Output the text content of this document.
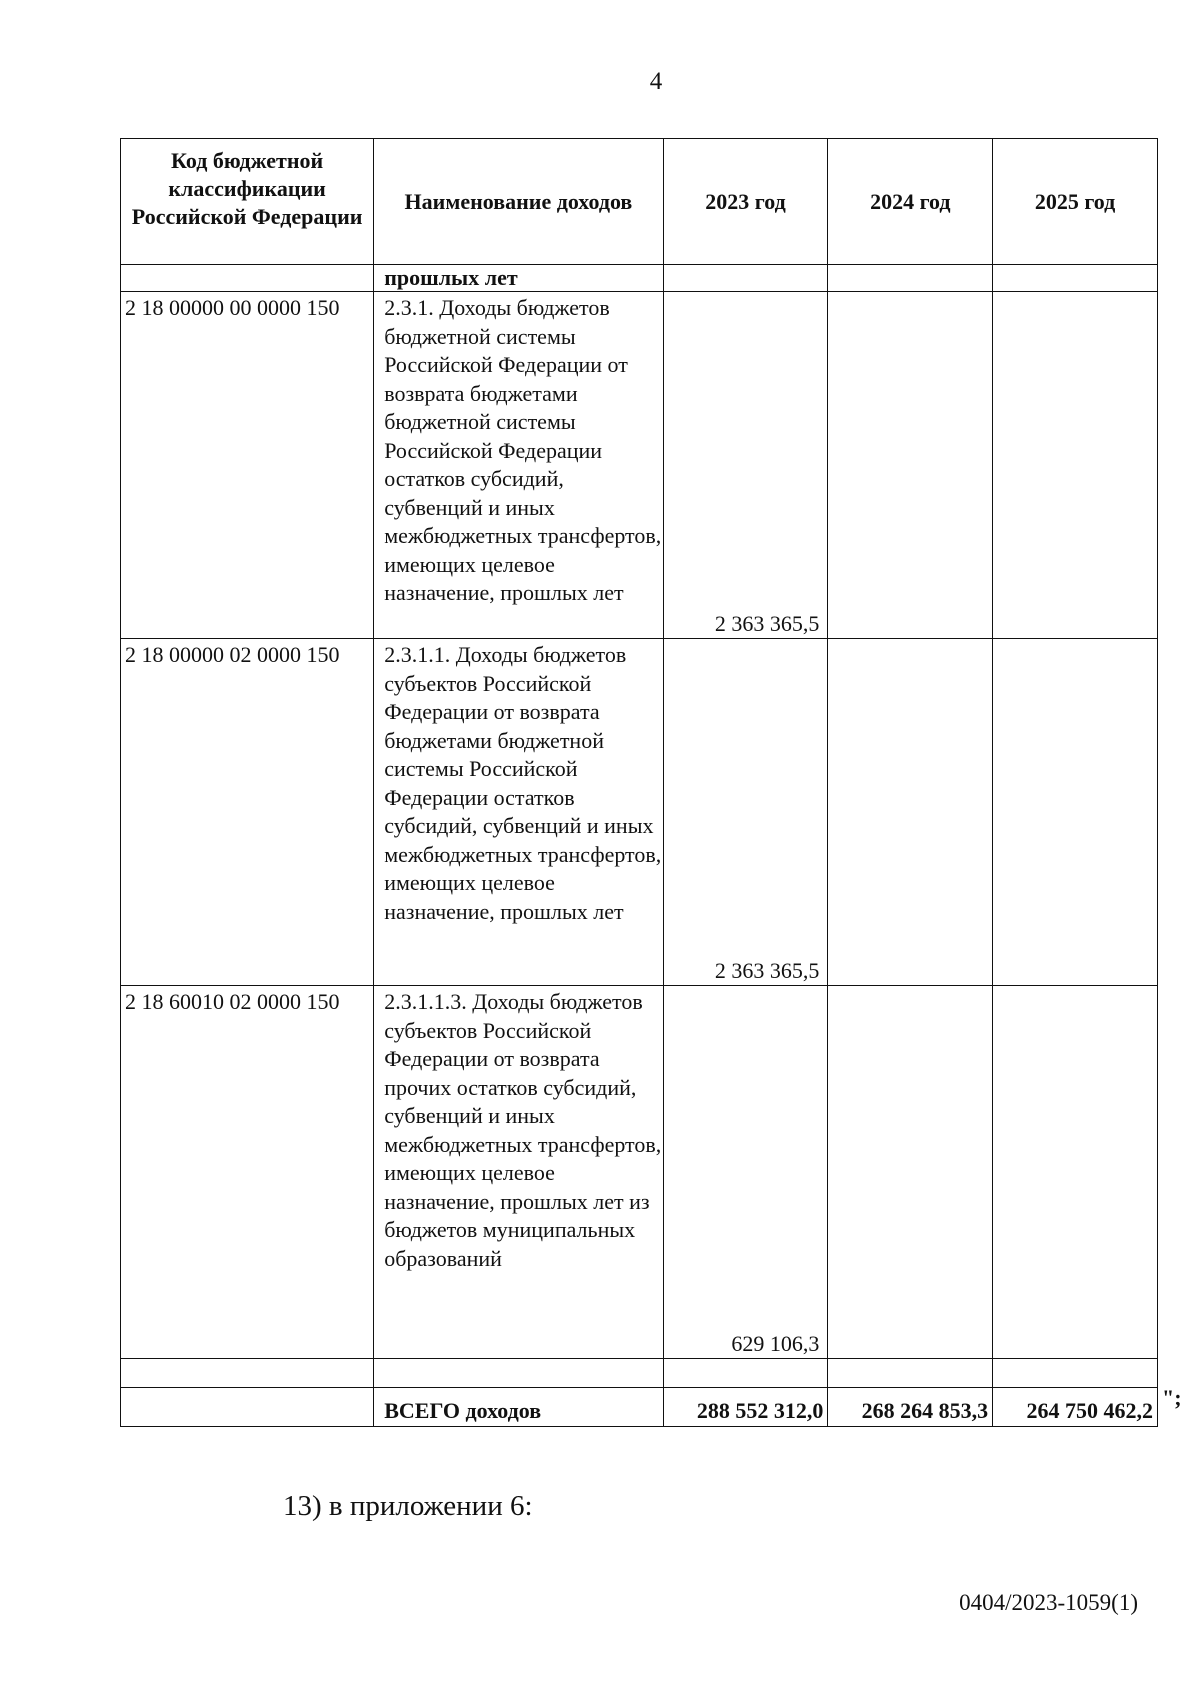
4
Код бюджетной классификации Российской Федерации	Наименование доходов	2023 год	2024 год	2025 год
	прошлых лет			
2 18 00000 00 0000 150	2.3.1. Доходы бюджетов бюджетной системы Российской Федерации от возврата бюджетами бюджетной системы Российской Федерации остатков субсидий, субвенций и иных межбюджетных трансфертов, имеющих целевое назначение, прошлых лет	2 363 365,5		
2 18 00000 02 0000 150	2.3.1.1. Доходы бюджетов субъектов Российской Федерации от возврата бюджетами бюджетной системы Российской Федерации остатков субсидий, субвенций и иных межбюджетных трансфертов, имеющих целевое назначение, прошлых лет	2 363 365,5		
2 18 60010 02 0000 150	2.3.1.1.3. Доходы бюджетов субъектов Российской Федерации от возврата прочих остатков субсидий, субвенций и иных межбюджетных трансфертов, имеющих целевое назначение, прошлых лет из бюджетов муниципальных образований	629 106,3		

	ВСЕГО доходов	288 552 312,0	268 264 853,3	264 750 462,2
";
13) в приложении 6:
0404/2023-1059(1)
